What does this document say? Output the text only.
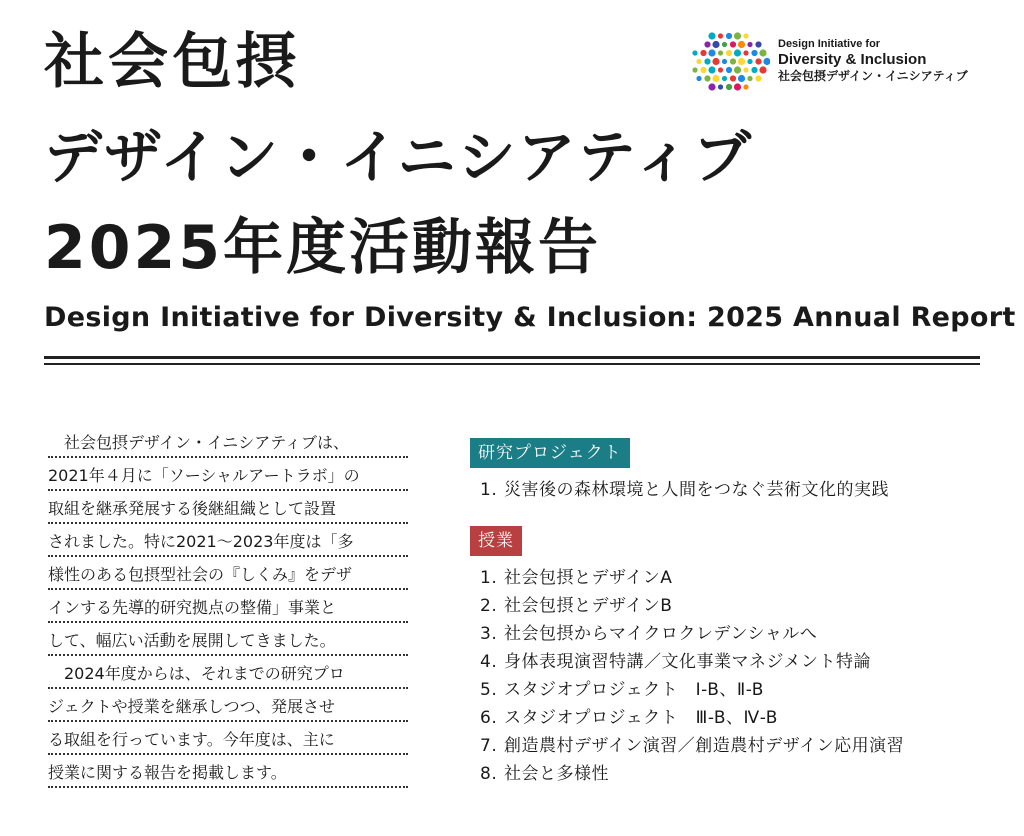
社会包摂
デザイン・イニシアティブ
2025年度活動報告
Design Initiative for Diversity & Inclusion: 2025 Annual Report
Design Initiative for
Diversity & Inclusion
社会包摂デザイン・イニシアティブ
　社会包摂デザイン・イニシアティブは、
2021年４月に「ソーシャルアートラボ」の
取組を継承発展する後継組織として設置
されました。特に2021～2023年度は「多
様性のある包摂型社会の『しくみ』をデザ
インする先導的研究拠点の整備」事業と
して、幅広い活動を展開してきました。
　2024年度からは、それまでの研究プロ
ジェクトや授業を継承しつつ、発展させ
る取組を行っています。今年度は、主に
授業に関する報告を掲載します。
研究プロジェクト
1. 災害後の森林環境と人間をつなぐ芸術文化的実践
授業
1. 社会包摂とデザインA
2. 社会包摂とデザインB
3. 社会包摂からマイクロクレデンシャルへ
4. 身体表現演習特講／文化事業マネジメント特論
5. スタジオプロジェクト　Ⅰ-B、Ⅱ-B
6. スタジオプロジェクト　Ⅲ-B、Ⅳ-B
7. 創造農村デザイン演習／創造農村デザイン応用演習
8. 社会と多様性
